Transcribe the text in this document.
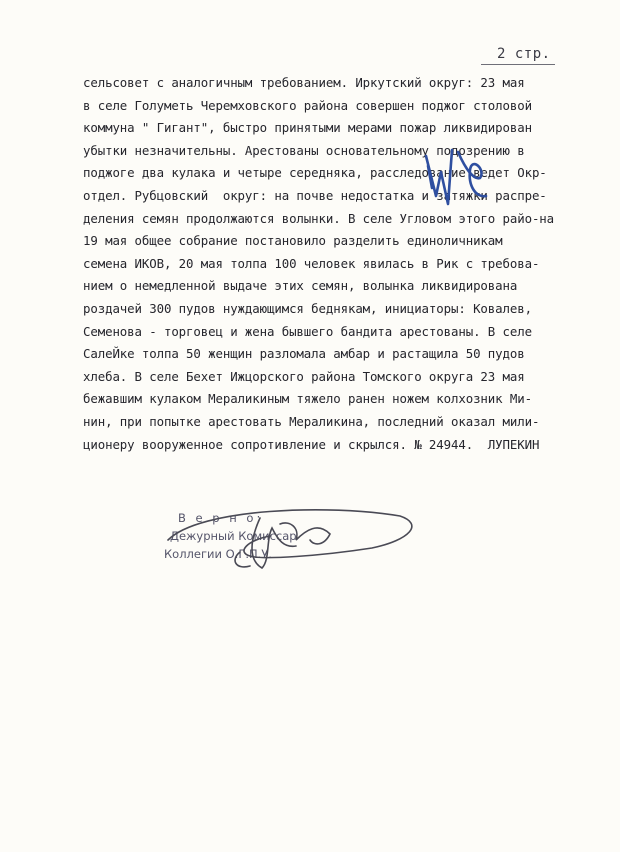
2 стр.
сельсовет с аналогичным требованием. Иркутский округ: 23 мая
в селе Голуметь Черемховского района совершен поджог столовой
коммуна " Гигант", быстро принятыми мерами пожар ликвидирован
убытки незначительны. Арестованы основательному подозрению в
поджоге два кулака и четыре середняка, расследование ведет Окр-
отдел. Рубцовский  округ: на почве недостатка и затяжки распре-
деления семян продолжаются волынки. В селе Угловом этого райо-на
19 мая общее собрание постановило разделить единоличникам
семена ИКОВ, 20 мая толпа 100 человек явилась в Рик с требова-
нием о немедленной выдаче этих семян, волынка ликвидирована
роздачей 300 пудов нуждающимся беднякам, инициаторы: Ковалев,
Семенова - торговец и жена бывшего бандита арестованы. В селе
СалеЙке толпа 50 женщин разломала амбар и растащила 50 пудов
хлеба. В селе Бехет Ижцорского района Томского округа 23 мая
бежавшим кулаком Мераликиным тяжело ранен ножем колхозник Ми-
нин, при попытке арестовать Мераликина, последний оказал мили-
ционеру вооруженное сопротивление и скрылся. № 24944.  ЛУПЕКИН
В е р н о:
Дежурный Комиссар
Коллегии О.Г.П.У.
